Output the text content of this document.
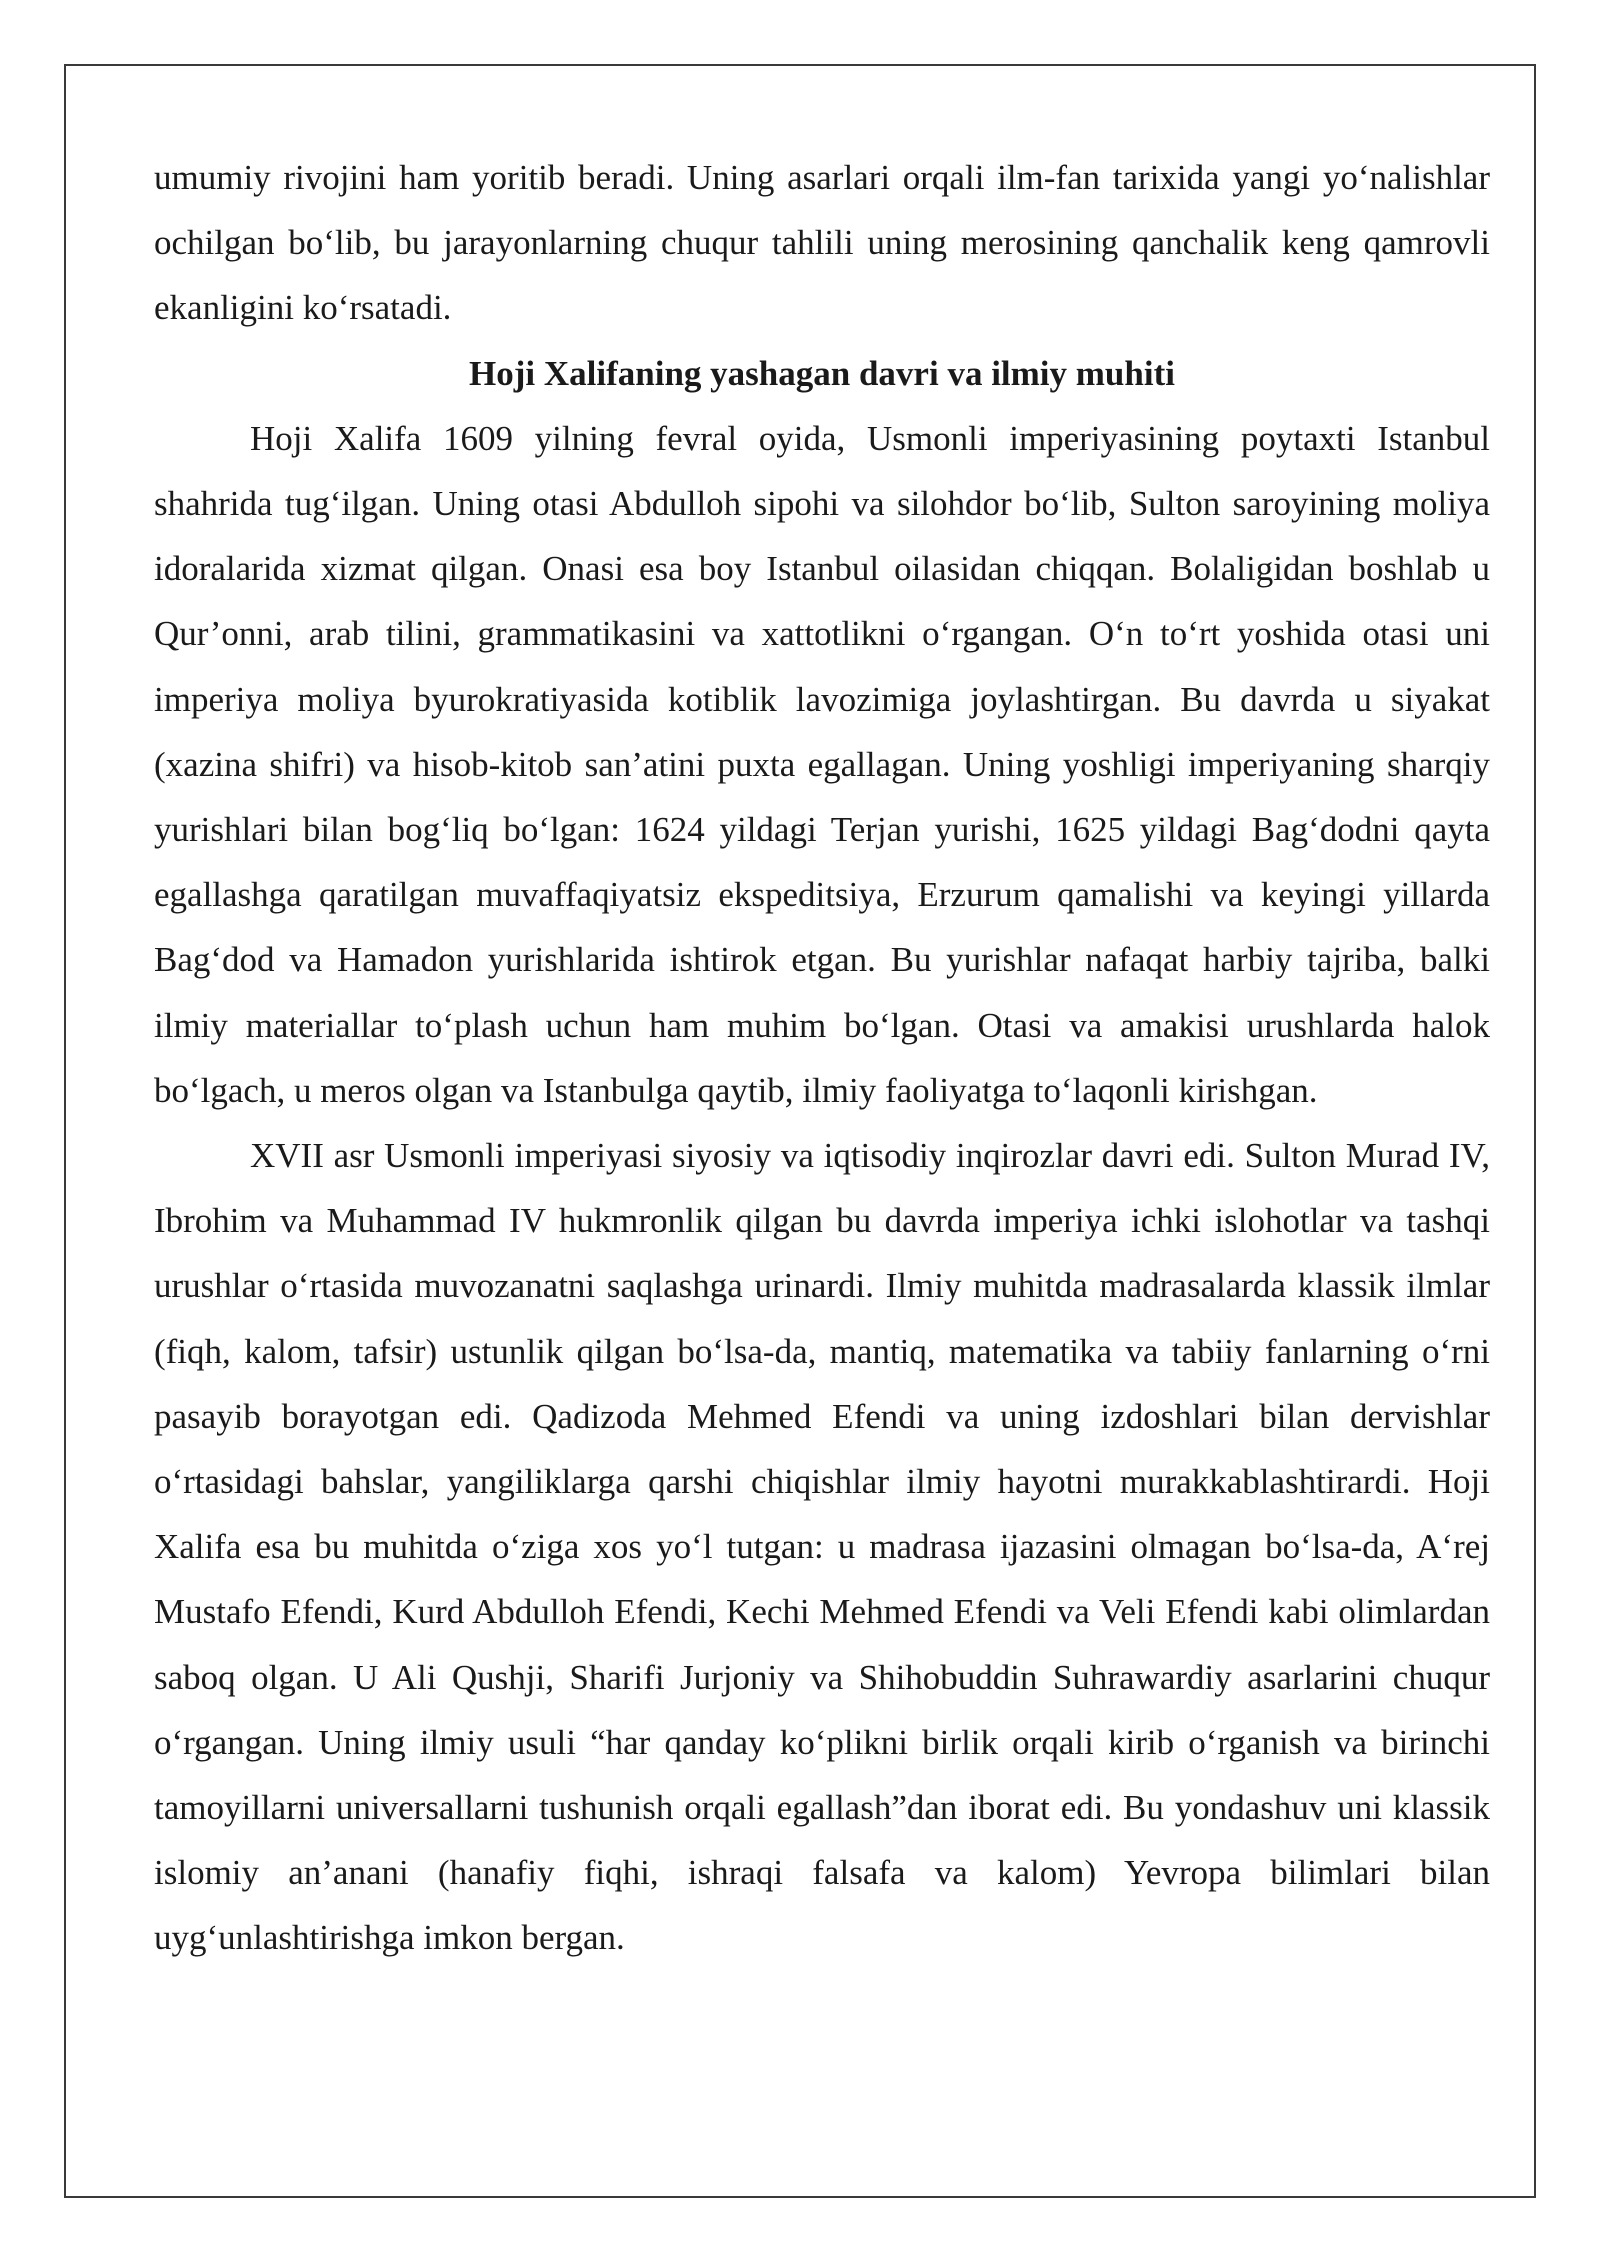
umumiy rivojini ham yoritib beradi. Uning asarlari orqali ilm-fan tarixida yangi yo‘nalishlar ochilgan bo‘lib, bu jarayonlarning chuqur tahlili uning merosining qanchalik keng qamrovli ekanligini ko‘rsatadi.

Hoji Xalifaning yashagan davri va ilmiy muhiti

Hoji Xalifa 1609 yilning fevral oyida, Usmonli imperiyasining poytaxti Istanbul shahrida tug‘ilgan. Uning otasi Abdulloh sipohi va silohdor bo‘lib, Sulton saroyining moliya idoralarida xizmat qilgan. Onasi esa boy Istanbul oilasidan chiqqan. Bolaligidan boshlab u Qur’onni, arab tilini, grammatikasini va xattotlikni o‘rgangan. O‘n to‘rt yoshida otasi uni imperiya moliya byurokratiyasida kotiblik lavozimiga joylashtirgan. Bu davrda u siyakat (xazina shifri) va hisob-kitob san’atini puxta egallagan. Uning yoshligi imperiyaning sharqiy yurishlari bilan bog‘liq bo‘lgan: 1624 yildagi Terjan yurishi, 1625 yildagi Bag‘dodni qayta egallashga qaratilgan muvaffaqiyatsiz ekspeditsiya, Erzurum qamalishi va keyingi yillarda Bag‘dod va Hamadon yurishlarida ishtirok etgan. Bu yurishlar nafaqat harbiy tajriba, balki ilmiy materiallar to‘plash uchun ham muhim bo‘lgan. Otasi va amakisi urushlarda halok bo‘lgach, u meros olgan va Istanbulga qaytib, ilmiy faoliyatga to‘laqonli kirishgan.

XVII asr Usmonli imperiyasi siyosiy va iqtisodiy inqirozlar davri edi. Sulton Murad IV, Ibrohim va Muhammad IV hukmronlik qilgan bu davrda imperiya ichki islohotlar va tashqi urushlar o‘rtasida muvozanatni saqlashga urinardi. Ilmiy muhitda madrasalarda klassik ilmlar (fiqh, kalom, tafsir) ustunlik qilgan bo‘lsa-da, mantiq, matematika va tabiiy fanlarning o‘rni pasayib borayotgan edi. Qadizoda Mehmed Efendi va uning izdoshlari bilan dervishlar o‘rtasidagi bahslar, yangiliklarga qarshi chiqishlar ilmiy hayotni murakkablashtirardi. Hoji Xalifa esa bu muhitda o‘ziga xos yo‘l tutgan: u madrasa ijazasini olmagan bo‘lsa-da, A‘rej Mustafo Efendi, Kurd Abdulloh Efendi, Kechi Mehmed Efendi va Veli Efendi kabi olimlardan saboq olgan. U Ali Qushji, Sharifi Jurjoniy va Shihobuddin Suhrawardiy asarlarini chuqur o‘rgangan. Uning ilmiy usuli “har qanday ko‘plikni birlik orqali kirib o‘rganish va birinchi tamoyillarni universallarni tushunish orqali egallash”dan iborat edi. Bu yondashuv uni klassik islomiy an’anani (hanafiy fiqhi, ishraqi falsafa va kalom) Yevropa bilimlari bilan uyg‘unlashtirishga imkon bergan.
